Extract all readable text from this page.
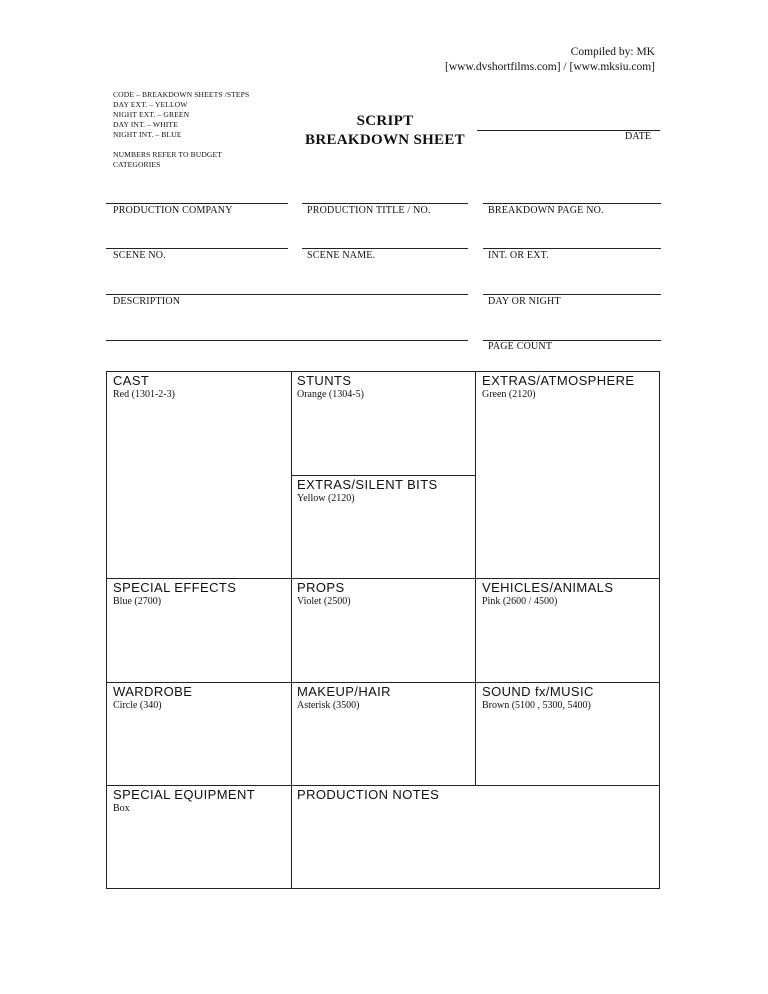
Compiled by: MK
[www.dvshortfilms.com] / [www.mksiu.com]
CODE – BREAKDOWN SHEETS /STEPS
DAY EXT. – YELLOW
NIGHT EXT. – GREEN
DAY INT. – WHITE
NIGHT INT. – BLUE
NUMBERS REFER TO BUDGET
CATEGORIES
SCRIPT
BREAKDOWN SHEET	DATE
PRODUCTION COMPANY	PRODUCTION TITLE / NO.	BREAKDOWN PAGE NO.
SCENE NO.	SCENE NAME.	INT. OR EXT.
DESCRIPTION	DAY OR NIGHT
PAGE COUNT
CAST
Red (1301-2-3)
STUNTS
Orange (1304-5)
EXTRAS/ATMOSPHERE
Green (2120)
EXTRAS/SILENT BITS
Yellow (2120)
SPECIAL EFFECTS
Blue (2700)
PROPS
Violet (2500)
VEHICLES/ANIMALS
Pink (2600 / 4500)
WARDROBE
Circle (340)
MAKEUP/HAIR
Asterisk (3500)
SOUND fx/MUSIC
Brown (5100 , 5300, 5400)
SPECIAL EQUIPMENT
Box
PRODUCTION NOTES
